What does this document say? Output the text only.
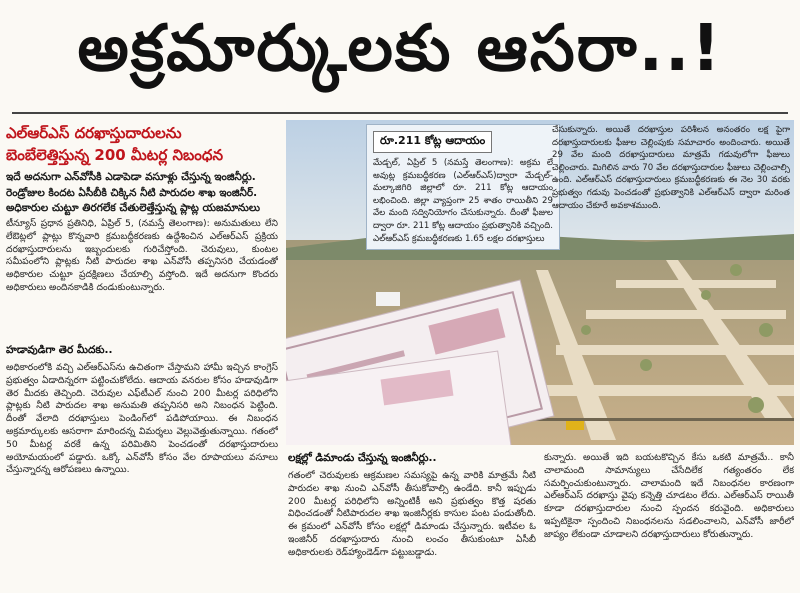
అక్రమార్కులకు ఆసరా..!
ఎల్‌ఆర్‌ఎస్ దరఖాస్తుదారులను
బెంబేలెత్తిస్తున్న 200 మీటర్ల నిబంధన
ఇదే అదనుగా ఎన్‌వోసీకి ఎడాపెడా వసూళ్లు చేస్తున్న ఇంజినీర్లు. రెండ్రోజుల కిందట ఏసీబీకి చిక్కిన నీటి పారుదల శాఖ ఇంజినీర్. అధికారుల చుట్టూ తిరగలేక చేతులెత్తేస్తున్న ప్లాట్ల యజమానులు
టీన్యూస్ ప్రధాన ప్రతినిధి, ఏప్రిల్ 5, (నమస్తే తెలంగాణ): అనుమతులు లేని లేఔట్లలో ప్లాట్లు కొన్నవారి క్రమబద్ధీకరణకు ఉద్దేశించిన ఎల్‌ఆర్‌ఎస్ ప్రక్రియ దరఖాస్తుదారులను ఇబ్బందులకు గురిచేస్తోంది. చెరువులు, కుంటల సమీపంలోని ప్లాట్లకు నీటి పారుదల శాఖ ఎన్‌వోసీ తప్పనిసరి చేయడంతో అధికారుల చుట్టూ ప్రదక్షిణలు చేయాల్సి వస్తోంది. ఇదే అదనుగా కొందరు అధికారులు అందినకాడికి దండుకుంటున్నారు.
హడావుడిగా తెర మీదకు..
అధికారంలోకి వచ్చి ఎల్‌ఆర్‌ఎస్‌ను ఉచితంగా చేస్తామని హామీ ఇచ్చిన కాంగ్రెస్ ప్రభుత్వం ఏడాదిన్నరగా పట్టించుకోలేదు. ఆదాయ వనరుల కోసం హడావుడిగా తెర మీదకు తెచ్చింది. చెరువుల ఎఫ్‌టీఎల్ నుంచి 200 మీటర్ల పరిధిలోని ప్లాట్లకు నీటి పారుదల శాఖ అనుమతి తప్పనిసరి అని నిబంధన పెట్టింది. దీంతో వేలాది దరఖాస్తులు పెండింగ్‌లో పడిపోయాయి. ఈ నిబంధన అక్రమార్కులకు ఆసరాగా మారిందన్న విమర్శలు వెల్లువెత్తుతున్నాయి. గతంలో 50 మీటర్ల వరకే ఉన్న పరిమితిని పెంచడంతో దరఖాస్తుదారులు అయోమయంలో పడ్డారు. ఒక్కో ఎన్‌వోసీ కోసం వేల రూపాయలు వసూలు చేస్తున్నారన్న ఆరోపణలు ఉన్నాయి.
రూ.211 కోట్ల ఆదాయం
మేడ్చల్, ఏప్రిల్ 5 (నమస్తే తెలంగాణ): అక్రమ లే అవుట్ల క్రమబద్ధీకరణ (ఎల్‌ఆర్‌ఎస్)ద్వారా మేడ్చల్-మల్కాజిగిరి జిల్లాలో రూ. 211 కోట్ల ఆదాయం లభించింది. జిల్లా వ్యాప్తంగా 25 శాతం రాయితీని 29 వేల మంది సద్వినియోగం చేసుకున్నారు. దీంతో ఫీజుల ద్వారా రూ. 211 కోట్ల ఆదాయం ప్రభుత్వానికి వచ్చింది. ఎల్‌ఆర్‌ఎస్ క్రమబద్ధీకరణకు 1.65 లక్షల దరఖాస్తులు
చేసుకున్నారు. అయితే దరఖాస్తుల పరిశీలన అనంతరం లక్ష పైగా దరఖాస్తుదారులకు ఫీజుల చెల్లింపుకు సమాచారం అందించారు. అయితే 29 వేల మంది దరఖాస్తుదారులు మాత్రమే గడువులోగా ఫీజులు చెల్లించారు. మిగిలిన వారు 70 వేల దరఖాస్తుదారుల ఫీజులు చెల్లించాల్సి ఉంది. ఎల్‌ఆర్‌ఎస్ దరఖాస్తుదారులు క్రమబద్ధీకరణకు ఈ నెల 30 వరకు ప్రభుత్వం గడువు పెంచడంతో ప్రభుత్వానికి ఎల్‌ఆర్‌ఎస్ ద్వారా మరింత ఆదాయం చేకూరే అవకాశముంది.
లక్షల్లో డిమాండు చేస్తున్న ఇంజినీర్లు..
గతంలో చెరువులకు ఆక్రమణల సమస్యపై ఉన్న వారికి మాత్రమే నీటి పారుదల శాఖ నుంచి ఎన్‌వోసీ తీసుకోవాల్సి ఉండేది. కానీ ఇప్పుడు 200 మీటర్ల పరిధిలోని అన్నింటికీ అని ప్రభుత్వం కొత్త షరతు విధించడంతో నీటిపారుదల శాఖ ఇంజినీర్లకు కాసుల పంట పండుతోంది. ఈ క్రమంలో ఎన్‌వోసీ కోసం లక్షల్లో డిమాండు చేస్తున్నారు. ఇటీవల ఓ ఇంజినీర్ దరఖాస్తుదారు నుంచి లంచం తీసుకుంటూ ఏసీబీ అధికారులకు రెడ్‌హ్యాండెడ్‌గా పట్టుబడ్డాడు.
కున్నారు. అయితే ఇది బయటకొచ్చిన కేసు ఒకటి మాత్రమే.. కానీ చాలామంది సామాన్యులు చేసేదిలేక గత్యంతరం లేక సమర్పించుకుంటున్నారు. చాలామంది ఇదే నిబంధనల కారణంగా ఎల్‌ఆర్‌ఎస్ దరఖాస్తు వైపు కన్నెత్తి చూడటం లేదు. ఎల్‌ఆర్‌ఎస్ రాయితీ కూడా దరఖాస్తుదారుల నుంచి స్పందన కరువైంది. అధికారులు ఇప్పటికైనా స్పందించి నిబంధనలను సడలించాలని, ఎన్‌వోసీ జారీలో జాప్యం లేకుండా చూడాలని దరఖాస్తుదారులు కోరుతున్నారు.
